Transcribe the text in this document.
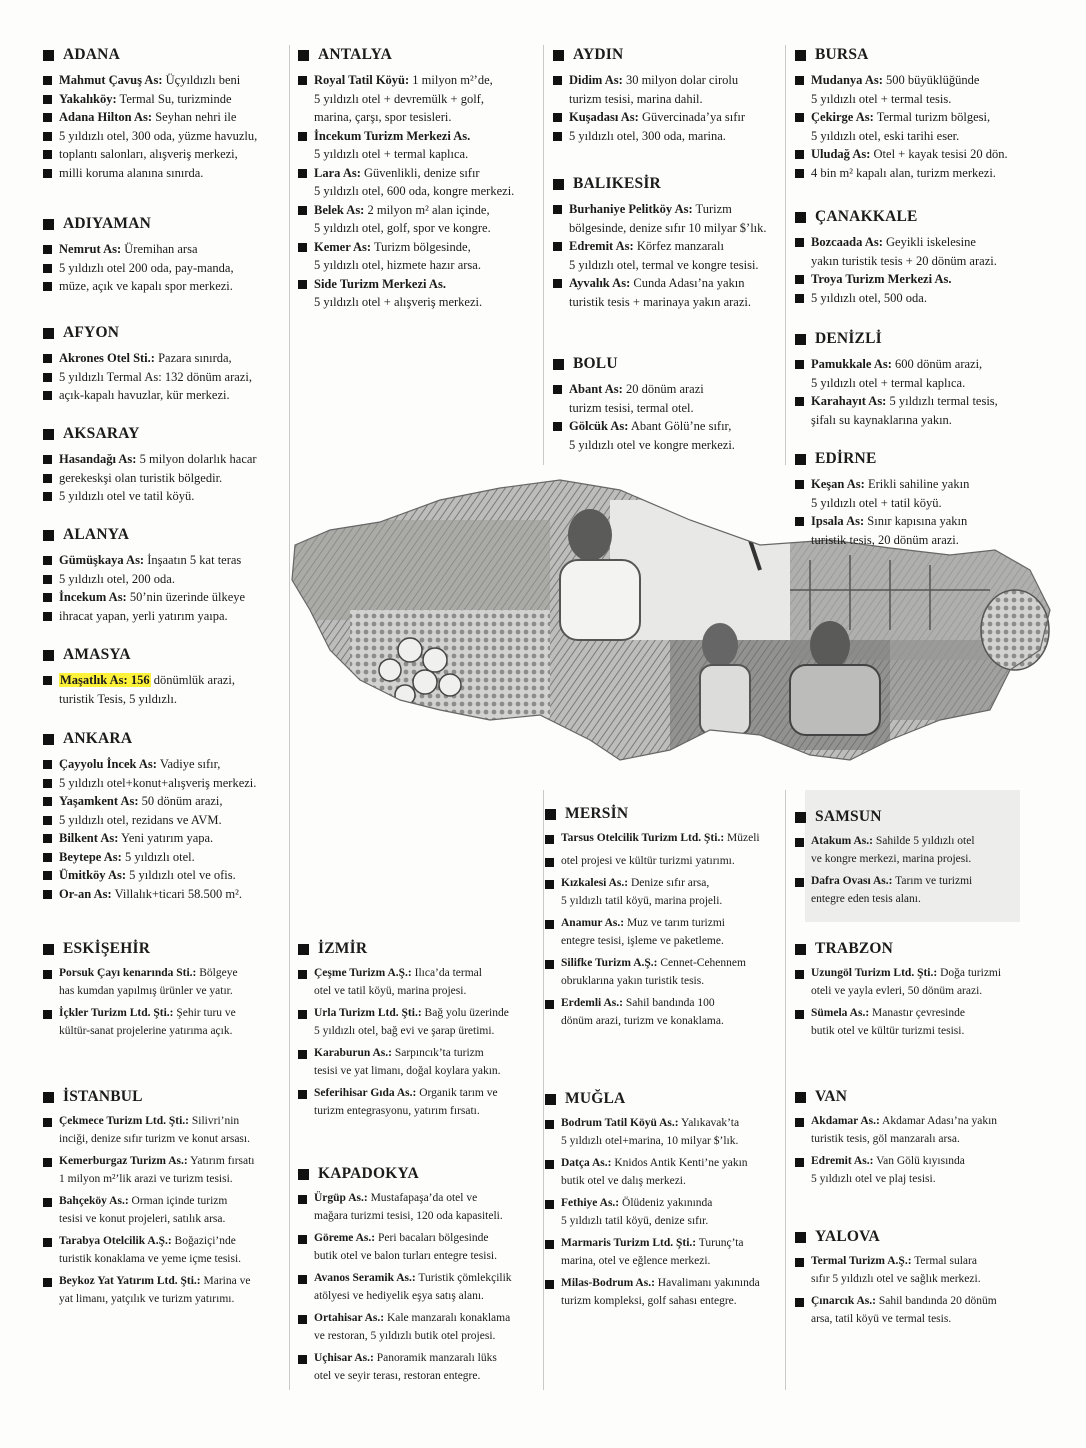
ADANA
Mahmut Çavuş As: Üçyıldızlı beni
Yakalıköy: Termal Su, turizminde
Adana Hilton As: Seyhan nehri ile
5 yıldızlı otel, 300 oda, yüzme havuzlu,
toplantı salonları, alışveriş merkezi,
milli koruma alanına sınırda.
ADIYAMAN
Nemrut As: Üremihan arsa
5 yıldızlı otel 200 oda, pay-manda,
müze, açık ve kapalı spor merkezi.
AFYON
Akrones Otel Sti.: Pazara sınırda,
5 yıldızlı Termal As: 132 dönüm arazi,
açık-kapalı havuzlar, kür merkezi.
AKSARAY
Hasandağı As: 5 milyon dolarlık hacar
gerekeskşi olan turistik bölgedir.
5 yıldızlı otel ve tatil köyü.
ALANYA
Gümüşkaya As: İnşaatın 5 kat teras
5 yıldızlı otel, 200 oda.
İncekum As: 50’nin üzerinde ülkeye
ihracat yapan, yerli yatırım yaıpa.
AMASYA
Maşatlık As: 156 dönümlük arazi,
turistik Tesis, 5 yıldızlı.
ANKARA
Çayyolu İncek As: Vadiye sıfır,
5 yıldızlı otel+konut+alışveriş merkezi.
Yaşamkent As: 50 dönüm arazi,
5 yıldızlı otel, rezidans ve AVM.
Bilkent As: Yeni yatırım yapa.
Beytepe As: 5 yıldızlı otel.
Ümitköy As: 5 yıldızlı otel ve ofis.
Or-an As: Villalık+ticari 58.500 m².
ESKİŞEHİR
Porsuk Çayı kenarında Sti.: Bölgeye
has kumdan yapılmış ürünler ve yatır.
İçkler Turizm Ltd. Şti.: Şehir turu ve
kültür-sanat projelerine yatırıma açık.
İSTANBUL
Çekmece Turizm Ltd. Şti.: Silivri’nin
inciği, denize sıfır turizm ve konut arsası.
Kemerburgaz Turizm As.: Yatırım fırsatı
1 milyon m²’lik arazi ve turizm tesisi.
Bahçeköy As.: Orman içinde turizm
tesisi ve konut projeleri, satılık arsa.
Tarabya Otelcilik A.Ş.: Boğaziçi’nde
turistik konaklama ve yeme içme tesisi.
Beykoz Yat Yatırım Ltd. Şti.: Marina ve
yat limanı, yatçılık ve turizm yatırımı.
ANTALYA
Royal Tatil Köyü: 1 milyon m²’de,
5 yıldızlı otel + devremülk + golf,
marina, çarşı, spor tesisleri.
İncekum Turizm Merkezi As.
5 yıldızlı otel + termal kaplıca.
Lara As: Güvenlikli, denize sıfır
5 yıldızlı otel, 600 oda, kongre merkezi.
Belek As: 2 milyon m² alan içinde,
5 yıldızlı otel, golf, spor ve kongre.
Kemer As: Turizm bölgesinde,
5 yıldızlı otel, hizmete hazır arsa.
Side Turizm Merkezi As.
5 yıldızlı otel + alışveriş merkezi.
İZMİR
Çeşme Turizm A.Ş.: Ilıca’da termal
otel ve tatil köyü, marina projesi.
Urla Turizm Ltd. Şti.: Bağ yolu üzerinde
5 yıldızlı otel, bağ evi ve şarap üretimi.
Karaburun As.: Sarpıncık’ta turizm
tesisi ve yat limanı, doğal koylara yakın.
Seferihisar Gıda As.: Organik tarım ve
turizm entegrasyonu, yatırım fırsatı.
KAPADOKYA
Ürgüp As.: Mustafapaşa’da otel ve
mağara turizmi tesisi, 120 oda kapasiteli.
Göreme As.: Peri bacaları bölgesinde
butik otel ve balon turları entegre tesisi.
Avanos Seramik As.: Turistik çömlekçilik
atölyesi ve hediyelik eşya satış alanı.
Ortahisar As.: Kale manzaralı konaklama
ve restoran, 5 yıldızlı butik otel projesi.
Uçhisar As.: Panoramik manzaralı lüks
otel ve seyir terası, restoran entegre.
AYDIN
Didim As: 30 milyon dolar cirolu
turizm tesisi, marina dahil.
Kuşadası As: Güvercinada’ya sıfır
5 yıldızlı otel, 300 oda, marina.
BALIKESİR
Burhaniye Pelitköy As: Turizm
bölgesinde, denize sıfır 10 milyar $’lık.
Edremit As: Körfez manzaralı
5 yıldızlı otel, termal ve kongre tesisi.
Ayvalık As: Cunda Adası’na yakın
turistik tesis + marinaya yakın arazi.
BOLU
Abant As: 20 dönüm arazi
turizm tesisi, termal otel.
Gölcük As: Abant Gölü’ne sıfır,
5 yıldızlı otel ve kongre merkezi.
MERSİN
Tarsus Otelcilik Turizm Ltd. Şti.: Müzeli
otel projesi ve kültür turizmi yatırımı.
Kızkalesi As.: Denize sıfır arsa,
5 yıldızlı tatil köyü, marina projeli.
Anamur As.: Muz ve tarım turizmi
entegre tesisi, işleme ve paketleme.
Silifke Turizm A.Ş.: Cennet-Cehennem
obruklarına yakın turistik tesis.
Erdemli As.: Sahil bandında 100
dönüm arazi, turizm ve konaklama.
MUĞLA
Bodrum Tatil Köyü As.: Yalıkavak’ta
5 yıldızlı otel+marina, 10 milyar $’lık.
Datça As.: Knidos Antik Kenti’ne yakın
butik otel ve dalış merkezi.
Fethiye As.: Ölüdeniz yakınında
5 yıldızlı tatil köyü, denize sıfır.
Marmaris Turizm Ltd. Şti.: Turunç’ta
marina, otel ve eğlence merkezi.
Milas-Bodrum As.: Havalimanı yakınında
turizm kompleksi, golf sahası entegre.
BURSA
Mudanya As: 500 büyüklüğünde
5 yıldızlı otel + termal tesis.
Çekirge As: Termal turizm bölgesi,
5 yıldızlı otel, eski tarihi eser.
Uludağ As: Otel + kayak tesisi 20 dön.
4 bin m² kapalı alan, turizm merkezi.
ÇANAKKALE
Bozcaada As: Geyikli iskelesine
yakın turistik tesis + 20 dönüm arazi.
Troya Turizm Merkezi As.
5 yıldızlı otel, 500 oda.
DENİZLİ
Pamukkale As: 600 dönüm arazi,
5 yıldızlı otel + termal kaplıca.
Karahayıt As: 5 yıldızlı termal tesis,
şifalı su kaynaklarına yakın.
EDİRNE
Keşan As: Erikli sahiline yakın
5 yıldızlı otel + tatil köyü.
Ipsala As: Sınır kapısına yakın
turistik tesis, 20 dönüm arazi.
SAMSUN
Atakum As.: Sahilde 5 yıldızlı otel
ve kongre merkezi, marina projesi.
Dafra Ovası As.: Tarım ve turizmi
entegre eden tesis alanı.
TRABZON
Uzungöl Turizm Ltd. Şti.: Doğa turizmi
oteli ve yayla evleri, 50 dönüm arazi.
Sümela As.: Manastır çevresinde
butik otel ve kültür turizmi tesisi.
VAN
Akdamar As.: Akdamar Adası’na yakın
turistik tesis, göl manzaralı arsa.
Edremit As.: Van Gölü kıyısında
5 yıldızlı otel ve plaj tesisi.
YALOVA
Termal Turizm A.Ş.: Termal sulara
sıfır 5 yıldızlı otel ve sağlık merkezi.
Çınarcık As.: Sahil bandında 20 dönüm
arsa, tatil köyü ve termal tesis.
